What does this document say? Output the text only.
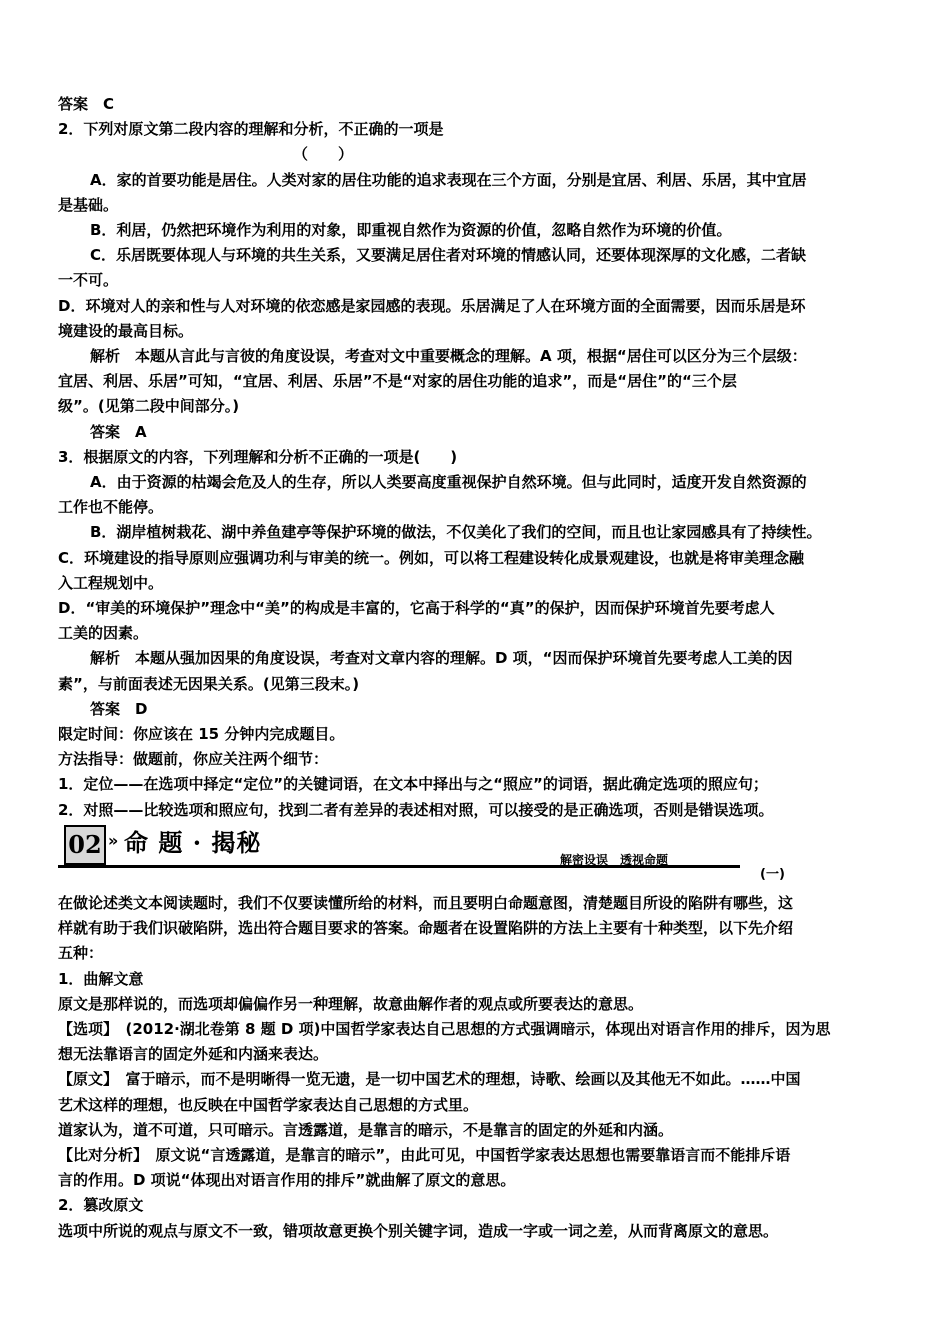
答案　C
2．下列对原文第二段内容的理解和分析，不正确的一项是
（　　）
A．家的首要功能是居住。人类对家的居住功能的追求表现在三个方面，分别是宜居、利居、乐居，其中宜居
是基础。
B．利居，仍然把环境作为利用的对象，即重视自然作为资源的价值，忽略自然作为环境的价值。
C．乐居既要体现人与环境的共生关系，又要满足居住者对环境的情感认同，还要体现深厚的文化感，二者缺
一不可。
D．环境对人的亲和性与人对环境的依恋感是家园感的表现。乐居满足了人在环境方面的全面需要，因而乐居是环
境建设的最高目标。
解析　本题从言此与言彼的角度设误，考查对文中重要概念的理解。A 项，根据“居住可以区分为三个层级：
宜居、利居、乐居”可知，“宜居、利居、乐居”不是“对家的居住功能的追求”，而是“居住”的“三个层
级”。(见第二段中间部分。)
答案　A
3．根据原文的内容，下列理解和分析不正确的一项是(　　)
A．由于资源的枯竭会危及人的生存，所以人类要高度重视保护自然环境。但与此同时，适度开发自然资源的
工作也不能停。
B．湖岸植树栽花、湖中养鱼建亭等保护环境的做法，不仅美化了我们的空间，而且也让家园感具有了持续性。
C．环境建设的指导原则应强调功利与审美的统一。例如，可以将工程建设转化成景观建设，也就是将审美理念融
入工程规划中。
D．“审美的环境保护”理念中“美”的构成是丰富的，它高于科学的“真”的保护，因而保护环境首先要考虑人
工美的因素。
解析　本题从强加因果的角度设误，考查对文章内容的理解。D 项，“因而保护环境首先要考虑人工美的因
素”，与前面表述无因果关系。(见第三段末。)
答案　D
限定时间：你应该在 15 分钟内完成题目。
方法指导：做题前，你应关注两个细节：
1．定位——在选项中择定“定位”的关键词语，在文本中择出与之“照应”的词语，据此确定选项的照应句；
2．对照——比较选项和照应句，找到二者有差异的表述相对照，可以接受的是正确选项，否则是错误选项。
02 » 命 题 · 揭秘
解密设误　透视命题
(一)
在做论述类文本阅读题时，我们不仅要读懂所给的材料，而且要明白命题意图，清楚题目所设的陷阱有哪些，这
样就有助于我们识破陷阱，选出符合题目要求的答案。命题者在设置陷阱的方法上主要有十种类型，以下先介绍
五种：
1．曲解文意
原文是那样说的，而选项却偏偏作另一种理解，故意曲解作者的观点或所要表达的意思。
【选项】　(2012·湖北卷第 8 题 D 项)中国哲学家表达自己思想的方式强调暗示，体现出对语言作用的排斥，因为思
想无法靠语言的固定外延和内涵来表达。
【原文】　富于暗示，而不是明晰得一览无遗，是一切中国艺术的理想，诗歌、绘画以及其他无不如此。……中国
艺术这样的理想，也反映在中国哲学家表达自己思想的方式里。
道家认为，道不可道，只可暗示。言透露道，是靠言的暗示，不是靠言的固定的外延和内涵。
【比对分析】　原文说“言透露道，是靠言的暗示”，由此可见，中国哲学家表达思想也需要靠语言而不能排斥语
言的作用。D 项说“体现出对语言作用的排斥”就曲解了原文的意思。
2．篡改原文
选项中所说的观点与原文不一致，错项故意更换个别关键字词，造成一字或一词之差，从而背离原文的意思。
